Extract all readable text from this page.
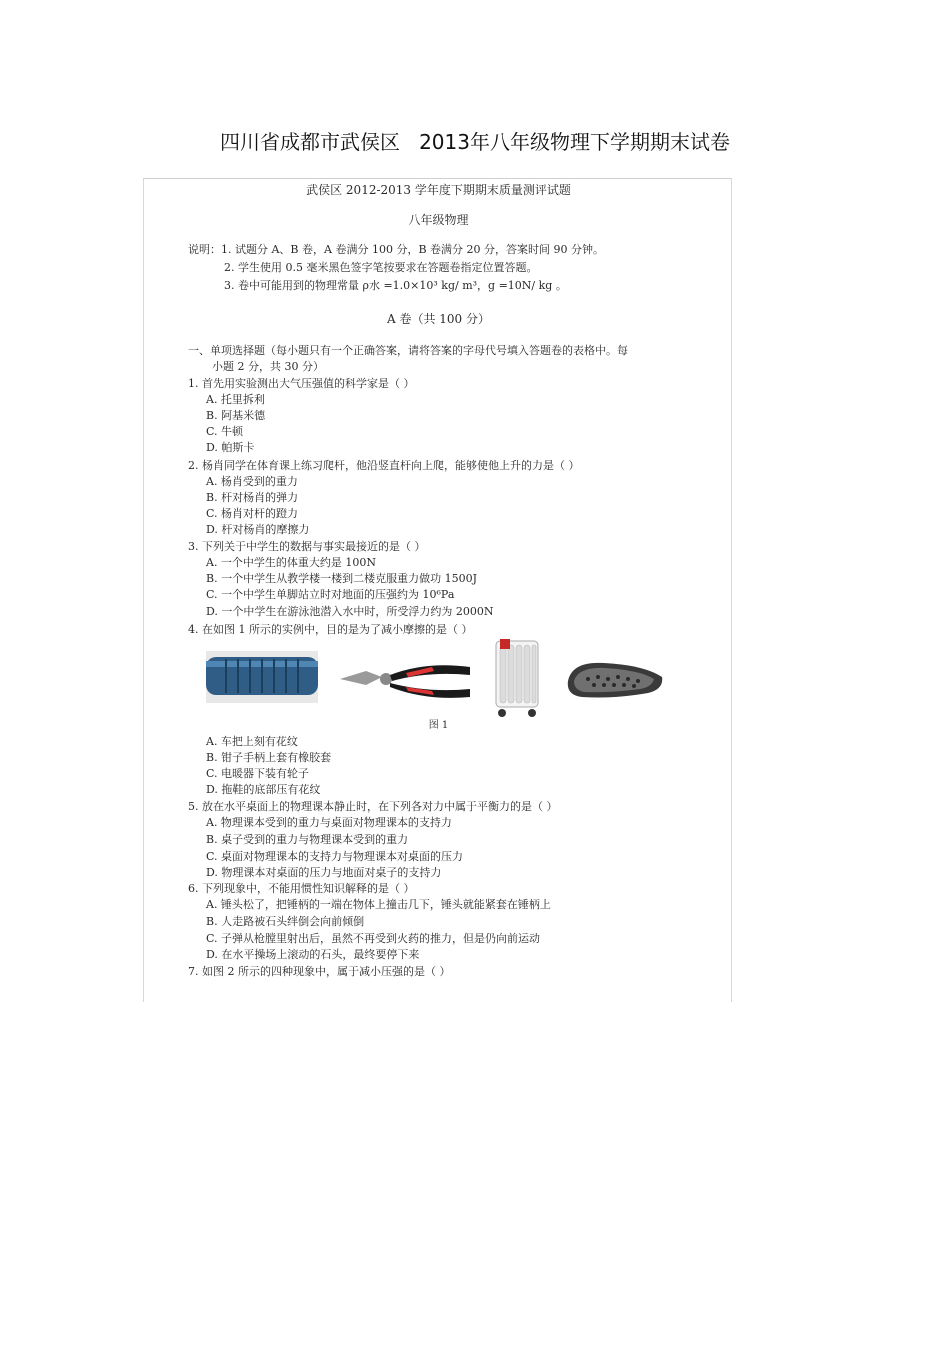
四川省成都市武侯区   2013年八年级物理下学期期末试卷
武侯区 2012-2013 学年度下期期末质量测评试题
八年级物理
说明：1. 试题分 A、B 卷，A 卷满分 100 分，B 卷满分 20 分，答案时间 90 分钟。
2. 学生使用 0.5 毫米黑色签字笔按要求在答题卷指定位置答题。
3. 卷中可能用到的物理常量 ρ水 =1.0×10³ kg/ m³，g =10N/ kg 。
A 卷（共 100 分）
一、单项选择题（每小题只有一个正确答案，请将答案的字母代号填入答题卷的表格中。每
小题 2 分，共 30 分）
1. 首先用实验测出大气压强值的科学家是（ ）
A. 托里拆利
B. 阿基米德
C. 牛顿
D. 帕斯卡
2. 杨肖同学在体育课上练习爬杆，他沿竖直杆向上爬，能够使他上升的力是（ ）
A. 杨肖受到的重力
B. 杆对杨肖的弹力
C. 杨肖对杆的蹬力
D. 杆对杨肖的摩擦力
3. 下列关于中学生的数据与事实最接近的是（ ）
A. 一个中学生的体重大约是 100N
B. 一个中学生从教学楼一楼到二楼克服重力做功 1500J
C. 一个中学生单脚站立时对地面的压强约为 10⁶Pa
D. 一个中学生在游泳池潜入水中时，所受浮力约为 2000N
4. 在如图 1 所示的实例中，目的是为了减小摩擦的是（ ）
图 1
A. 车把上刻有花纹
B. 钳子手柄上套有橡胶套
C. 电暖器下装有轮子
D. 拖鞋的底部压有花纹
5. 放在水平桌面上的物理课本静止时，在下列各对力中属于平衡力的是（ ）
A. 物理课本受到的重力与桌面对物理课本的支持力
B. 桌子受到的重力与物理课本受到的重力
C. 桌面对物理课本的支持力与物理课本对桌面的压力
D. 物理课本对桌面的压力与地面对桌子的支持力
6. 下列现象中，不能用惯性知识解释的是（ ）
A. 锤头松了，把锤柄的一端在物体上撞击几下，锤头就能紧套在锤柄上
B. 人走路被石头绊倒会向前倾倒
C. 子弹从枪膛里射出后，虽然不再受到火药的推力，但是仍向前运动
D. 在水平操场上滚动的石头，最终要停下来
7. 如图 2 所示的四种现象中，属于减小压强的是（ ）
